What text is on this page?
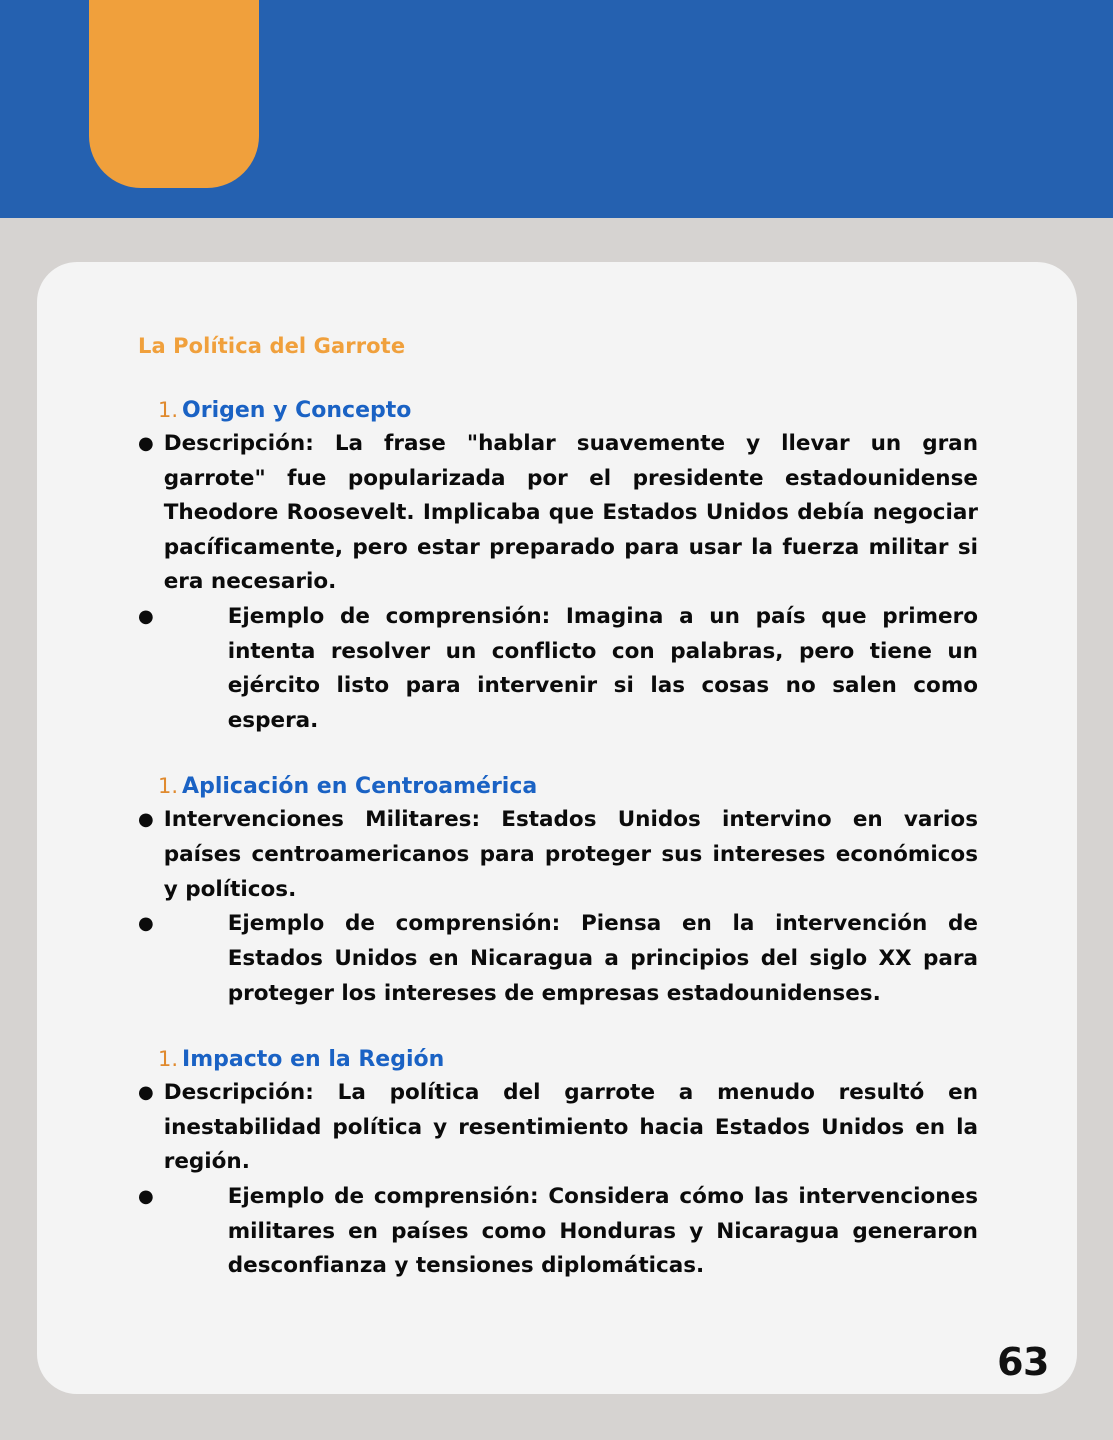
La Política del Garrote
1. Origen y Concepto
● Descripción: La frase "hablar suavemente y llevar un gran garrote" fue popularizada por el presidente estadounidense Theodore Roosevelt. Implicaba que Estados Unidos debía negociar pacíficamente, pero estar preparado para usar la fuerza militar si era necesario.
●	Ejemplo de comprensión: Imagina a un país que primero intenta resolver un conflicto con palabras, pero tiene un ejército listo para intervenir si las cosas no salen como espera.
1. Aplicación en Centroamérica
● Intervenciones Militares: Estados Unidos intervino en varios países centroamericanos para proteger sus intereses económicos y políticos.
●	Ejemplo de comprensión: Piensa en la intervención de Estados Unidos en Nicaragua a principios del siglo XX para proteger los intereses de empresas estadounidenses.
1. Impacto en la Región
● Descripción: La política del garrote a menudo resultó en inestabilidad política y resentimiento hacia Estados Unidos en la región.
●	Ejemplo de comprensión: Considera cómo las intervenciones militares en países como Honduras y Nicaragua generaron desconfianza y tensiones diplomáticas.
63
